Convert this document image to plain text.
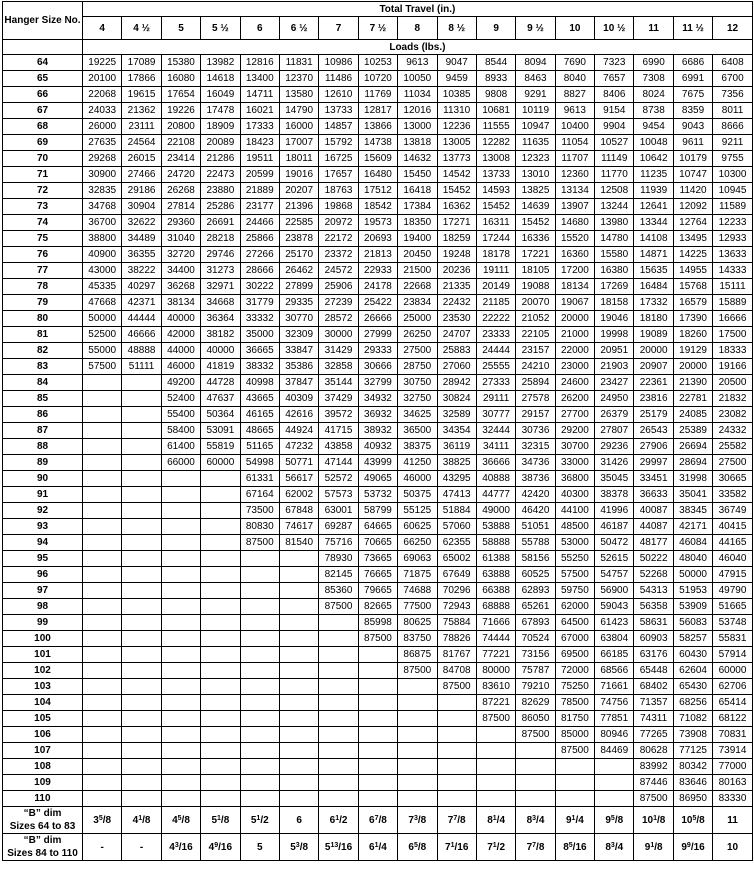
Hanger Size No.	Total Travel (in.)																
	4	4 ½	5	5 ½	6	6 ½	7	7 ½	8	8 ½	9	9 ½	10	10 ½	11	11 ½	12
	Loads (lbs.)																
64	19225	17089	15380	13982	12816	11831	10986	10253	9613	9047	8544	8094	7690	7323	6990	6686	6408
65	20100	17866	16080	14618	13400	12370	11486	10720	10050	9459	8933	8463	8040	7657	7308	6991	6700
66	22068	19615	17654	16049	14711	13580	12610	11769	11034	10385	9808	9291	8827	8406	8024	7675	7356
67	24033	21362	19226	17478	16021	14790	13733	12817	12016	11310	10681	10119	9613	9154	8738	8359	8011
68	26000	23111	20800	18909	17333	16000	14857	13866	13000	12236	11555	10947	10400	9904	9454	9043	8666
69	27635	24564	22108	20089	18423	17007	15792	14738	13818	13005	12282	11635	11054	10527	10048	9611	9211
70	29268	26015	23414	21286	19511	18011	16725	15609	14632	13773	13008	12323	11707	11149	10642	10179	9755
71	30900	27466	24720	22473	20599	19016	17657	16480	15450	14542	13733	13010	12360	11770	11235	10747	10300
72	32835	29186	26268	23880	21889	20207	18763	17512	16418	15452	14593	13825	13134	12508	11939	11420	10945
73	34768	30904	27814	25286	23177	21396	19868	18542	17384	16362	15452	14639	13907	13244	12641	12092	11589
74	36700	32622	29360	26691	24466	22585	20972	19573	18350	17271	16311	15452	14680	13980	13344	12764	12233
75	38800	34489	31040	28218	25866	23878	22172	20693	19400	18259	17244	16336	15520	14780	14108	13495	12933
76	40900	36355	32720	29746	27266	25170	23372	21813	20450	19248	18178	17221	16360	15580	14871	14225	13633
77	43000	38222	34400	31273	28666	26462	24572	22933	21500	20236	19111	18105	17200	16380	15635	14955	14333
78	45335	40297	36268	32971	30222	27899	25906	24178	22668	21335	20149	19088	18134	17269	16484	15768	15111
79	47668	42371	38134	34668	31779	29335	27239	25422	23834	22432	21185	20070	19067	18158	17332	16579	15889
80	50000	44444	40000	36364	33332	30770	28572	26666	25000	23530	22222	21052	20000	19046	18180	17390	16666
81	52500	46666	42000	38182	35000	32309	30000	27999	26250	24707	23333	22105	21000	19998	19089	18260	17500
82	55000	48888	44000	40000	36665	33847	31429	29333	27500	25883	24444	23157	22000	20951	20000	19129	18333
83	57500	51111	46000	41819	38332	35386	32858	30666	28750	27060	25555	24210	23000	21903	20907	20000	19166
84			49200	44728	40998	37847	35144	32799	30750	28942	27333	25894	24600	23427	22361	21390	20500
85			52400	47637	43665	40309	37429	34932	32750	30824	29111	27578	26200	24950	23816	22781	21832
86			55400	50364	46165	42616	39572	36932	34625	32589	30777	29157	27700	26379	25179	24085	23082
87			58400	53091	48665	44924	41715	38932	36500	34354	32444	30736	29200	27807	26543	25389	24332
88			61400	55819	51165	47232	43858	40932	38375	36119	34111	32315	30700	29236	27906	26694	25582
89			66000	60000	54998	50771	47144	43999	41250	38825	36666	34736	33000	31426	29997	28694	27500
90					61331	56617	52572	49065	46000	43295	40888	38736	36800	35045	33451	31998	30665
91					67164	62002	57573	53732	50375	47413	44777	42420	40300	38378	36633	35041	33582
92					73500	67848	63001	58799	55125	51884	49000	46420	44100	41996	40087	38345	36749
93					80830	74617	69287	64665	60625	57060	53888	51051	48500	46187	44087	42171	40415
94					87500	81540	75716	70665	66250	62355	58888	55788	53000	50472	48177	46084	44165
95							78930	73665	69063	65002	61388	58156	55250	52615	50222	48040	46040
96							82145	76665	71875	67649	63888	60525	57500	54757	52268	50000	47915
97							85360	79665	74688	70296	66388	62893	59750	56900	54313	51953	49790
98							87500	82665	77500	72943	68888	65261	62000	59043	56358	53909	51665
99								85998	80625	75884	71666	67893	64500	61423	58631	56083	53748
100								87500	83750	78826	74444	70524	67000	63804	60903	58257	55831
101									86875	81767	77221	73156	69500	66185	63176	60430	57914
102									87500	84708	80000	75787	72000	68566	65448	62604	60000
103										87500	83610	79210	75250	71661	68402	65430	62706
104											87221	82629	78500	74756	71357	68256	65414
105											87500	86050	81750	77851	74311	71082	68122
106												87500	85000	80946	77265	73908	70831
107													87500	84469	80628	77125	73914
108															83992	80342	77000
109															87446	83646	80163
110															87500	86950	83330
“B” dim
Sizes 64 to 83	$3^5/8$	$4^1/8$	$4^5/8$	$5^1/8$	$5^1/2$	6	$6^1/2$	$6^7/8$	$7^3/8$	$7^7/8$	$8^1/4$	$8^3/4$	$9^1/4$	$9^5/8$	$10^1/8$	$10^5/8$	11
“B” dim
Sizes 84 to 110	-	-	$4^3/16$	$4^9/16$	5	$5^3/8$	$5^{13}/16$	$6^1/4$	$6^5/8$	$7^1/16$	$7^1/2$	$7^7/8$	$8^5/16$	$8^3/4$	$9^1/8$	$9^9/16$	10
